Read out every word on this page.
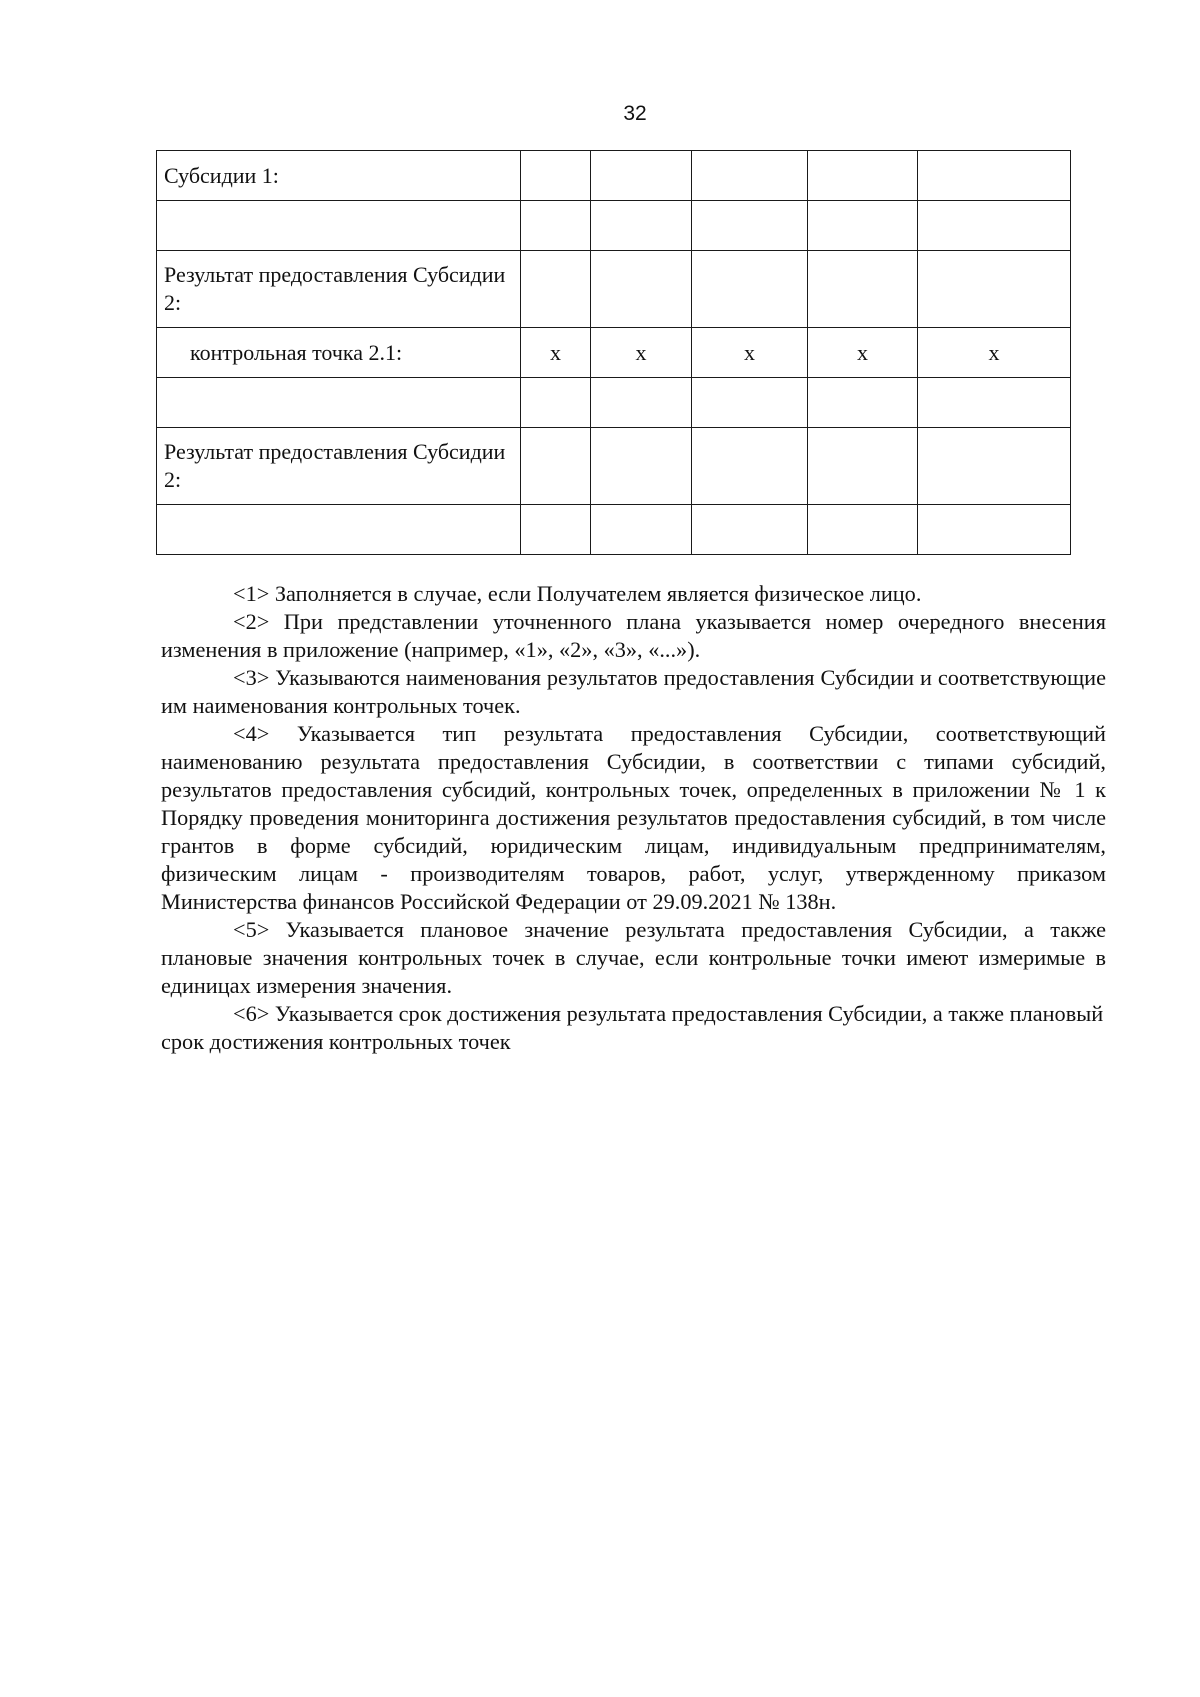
32
Субсидии 1:					

Результат предоставления Субсидии 2:					
контрольная точка 2.1:	х	х	х	х	х

Результат предоставления Субсидии 2:					

<1> Заполняется в случае, если Получателем является физическое лицо.

<2> При представлении уточненного плана указывается номер очередного внесения изменения в приложение (например, «1», «2», «3», «...»).

<3> Указываются наименования результатов предоставления Субсидии и соответствующие им наименования контрольных точек.

<4> Указывается тип результата предоставления Субсидии, соответствующий наименованию результата предоставления Субсидии, в соответствии с типами субсидий, результатов предоставления субсидий, контрольных точек, определенных в приложении № 1 к Порядку проведения мониторинга достижения результатов предоставления субсидий, в том числе грантов в форме субсидий, юридическим лицам, индивидуальным предпринимателям, физическим лицам - производителям товаров, работ, услуг, утвержденному приказом Министерства финансов Российской Федерации от 29.09.2021 № 138н.

<5> Указывается плановое значение результата предоставления Субсидии, а также плановые значения контрольных точек в случае, если контрольные точки имеют измеримые в единицах измерения значения.

<6> Указывается срок достижения результата предоставления Субсидии, а также плановый срок достижения контрольных точек
